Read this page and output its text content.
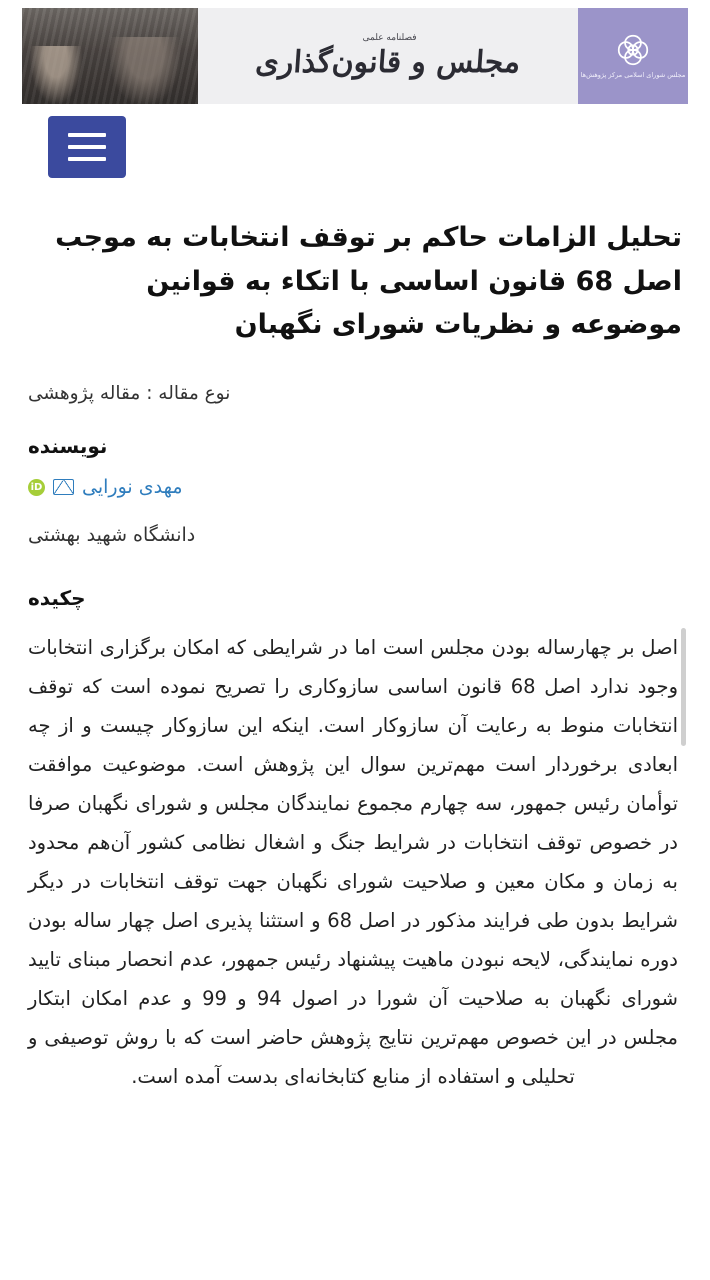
فصلنامه علمی
مجلس و قانون‌گذاری	مجلس شورای اسلامی مرکز پژوهش‌ها
تحلیل الزامات حاکم بر توقف انتخابات به موجب اصل 68 قانون اساسی با اتکاء به قوانین موضوعه و نظریات شورای نگهبان

نوع مقاله : مقاله پژوهشی

نویسنده
iD مهدی نورایی

دانشگاه شهید بهشتی

چکیده

اصل بر چهارساله بودن مجلس است اما در شرایطی که امکان برگزاری انتخابات وجود ندارد اصل 68 قانون اساسی سازوکاری را تصریح نموده است که توقف انتخابات منوط به رعایت آن سازوکار است. اینکه این سازوکار چیست و از چه ابعادی برخوردار است مهم‌ترین سوال این پژوهش است. موضوعیت موافقت توأمان رئیس جمهور، سه چهارم مجموع نمایندگان مجلس و شورای نگهبان صرفا در خصوص توقف انتخابات در شرایط جنگ و اشغال نظامی کشور آن‌هم محدود به زمان و مکان معین و صلاحیت شورای نگهبان جهت توقف انتخابات در دیگر شرایط بدون طی فرایند مذکور در اصل 68 و استثنا پذیری اصل چهار ساله بودن دوره نمایندگی، لایحه نبودن ماهیت پیشنهاد رئیس جمهور، عدم انحصار مبنای تایید شورای نگهبان به صلاحیت آن شورا در اصول 94 و 99 و عدم امکان ابتکار مجلس در این خصوص مهم‌ترین نتایج پژوهش حاضر است که با روش توصیفی و تحلیلی و استفاده از منابع کتابخانه‌ای بدست آمده است.
